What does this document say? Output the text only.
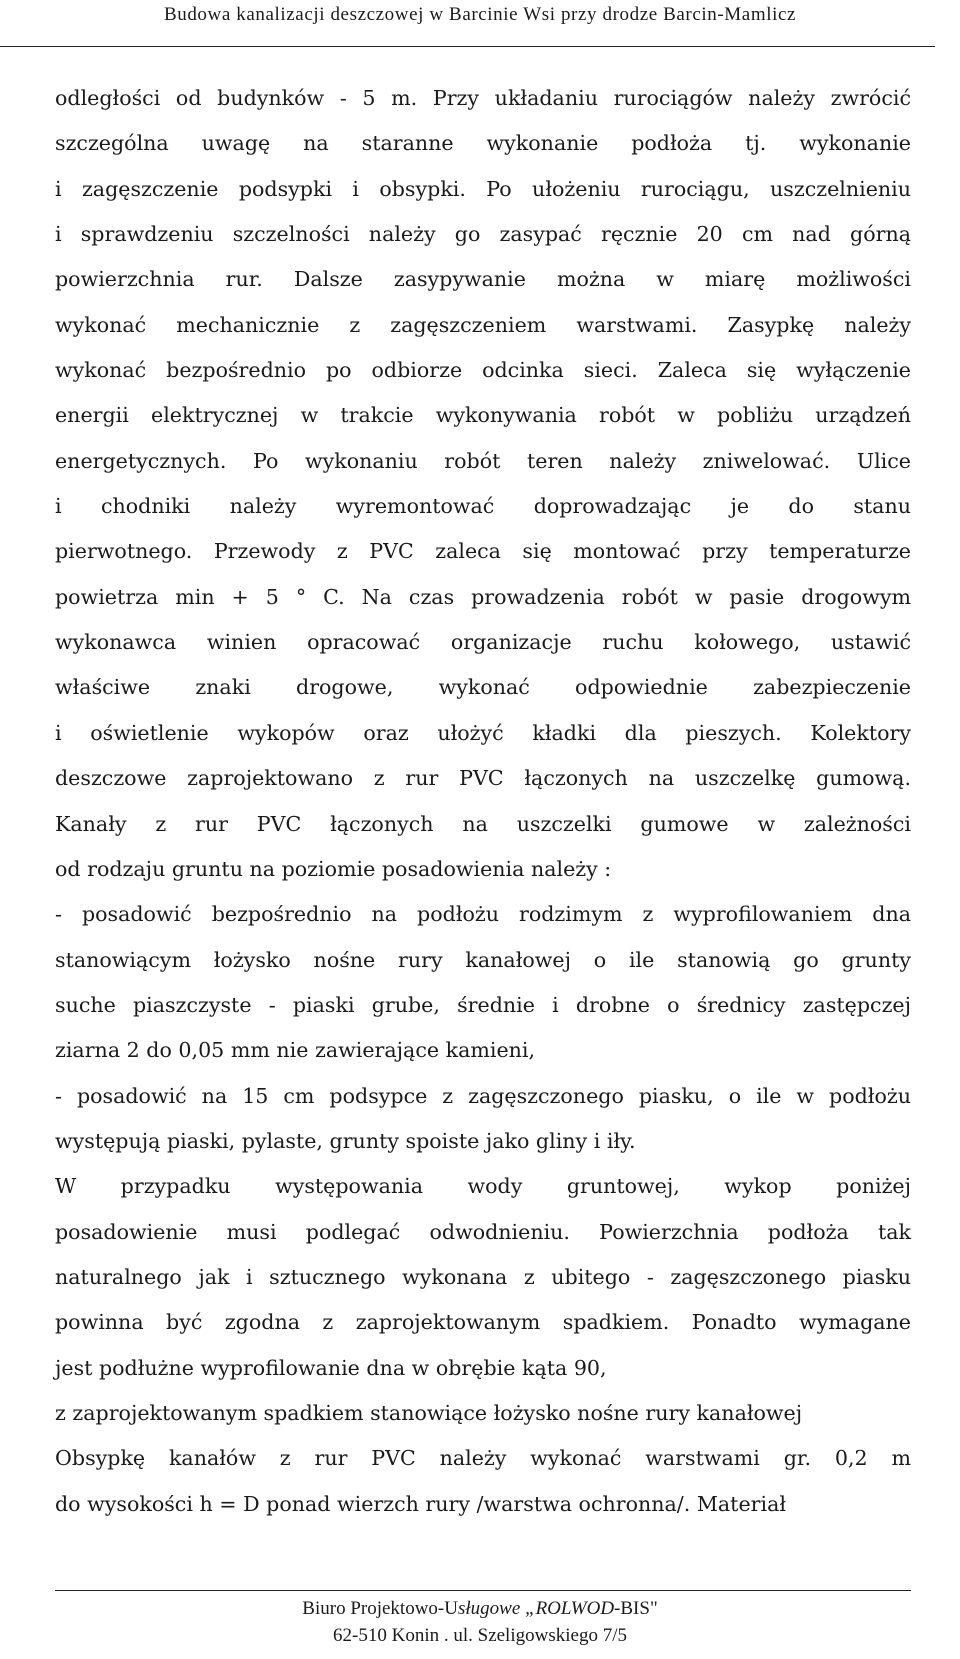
Budowa kanalizacji deszczowej w Barcinie Wsi przy drodze Barcin-Mamlicz
odległości od budynków - 5 m. Przy układaniu rurociągów należy zwrócić
szczególna uwagę na staranne wykonanie podłoża tj. wykonanie
i zagęszczenie podsypki i obsypki. Po ułożeniu rurociągu, uszczelnieniu
i sprawdzeniu szczelności należy go zasypać ręcznie 20 cm nad górną
powierzchnia rur. Dalsze zasypywanie można w miarę możliwości
wykonać mechanicznie z zagęszczeniem warstwami. Zasypkę należy
wykonać bezpośrednio po odbiorze odcinka sieci. Zaleca się wyłączenie
energii elektrycznej w trakcie wykonywania robót w pobliżu urządzeń
energetycznych. Po wykonaniu robót teren należy zniwelować. Ulice
i chodniki należy wyremontować doprowadzając je do stanu
pierwotnego. Przewody z PVC zaleca się montować przy temperaturze
powietrza min + 5 ° C. Na czas prowadzenia robót w pasie drogowym
wykonawca winien opracować organizacje ruchu kołowego, ustawić
właściwe znaki drogowe, wykonać odpowiednie zabezpieczenie
i oświetlenie wykopów oraz ułożyć kładki dla pieszych. Kolektory
deszczowe zaprojektowano z rur PVC łączonych na uszczelkę gumową.
Kanały z rur PVC łączonych na uszczelki gumowe w zależności
od rodzaju gruntu na poziomie posadowienia należy :
- posadowić bezpośrednio na podłożu rodzimym z wyprofilowaniem dna
stanowiącym łożysko nośne rury kanałowej o ile stanowią go grunty
suche piaszczyste - piaski grube, średnie i drobne o średnicy zastępczej
ziarna 2 do 0,05 mm nie zawierające kamieni,
- posadowić na 15 cm podsypce z zagęszczonego piasku, o ile w podłożu
występują piaski, pylaste, grunty spoiste jako gliny i iły.
W przypadku występowania wody gruntowej, wykop poniżej
posadowienie musi podlegać odwodnieniu. Powierzchnia podłoża tak
naturalnego jak i sztucznego wykonana z ubitego - zagęszczonego piasku
powinna być zgodna z zaprojektowanym spadkiem. Ponadto wymagane
jest podłużne wyprofilowanie dna w obrębie kąta 90,
z zaprojektowanym spadkiem stanowiące łożysko nośne rury kanałowej
Obsypkę kanałów z rur PVC należy wykonać warstwami gr. 0,2 m
do wysokości h = D ponad wierzch rury /warstwa ochronna/. Materiał
Biuro Projektowo-Usługowe „ROLWOD-BIS"
62-510 Konin . ul. Szeligowskiego 7/5
